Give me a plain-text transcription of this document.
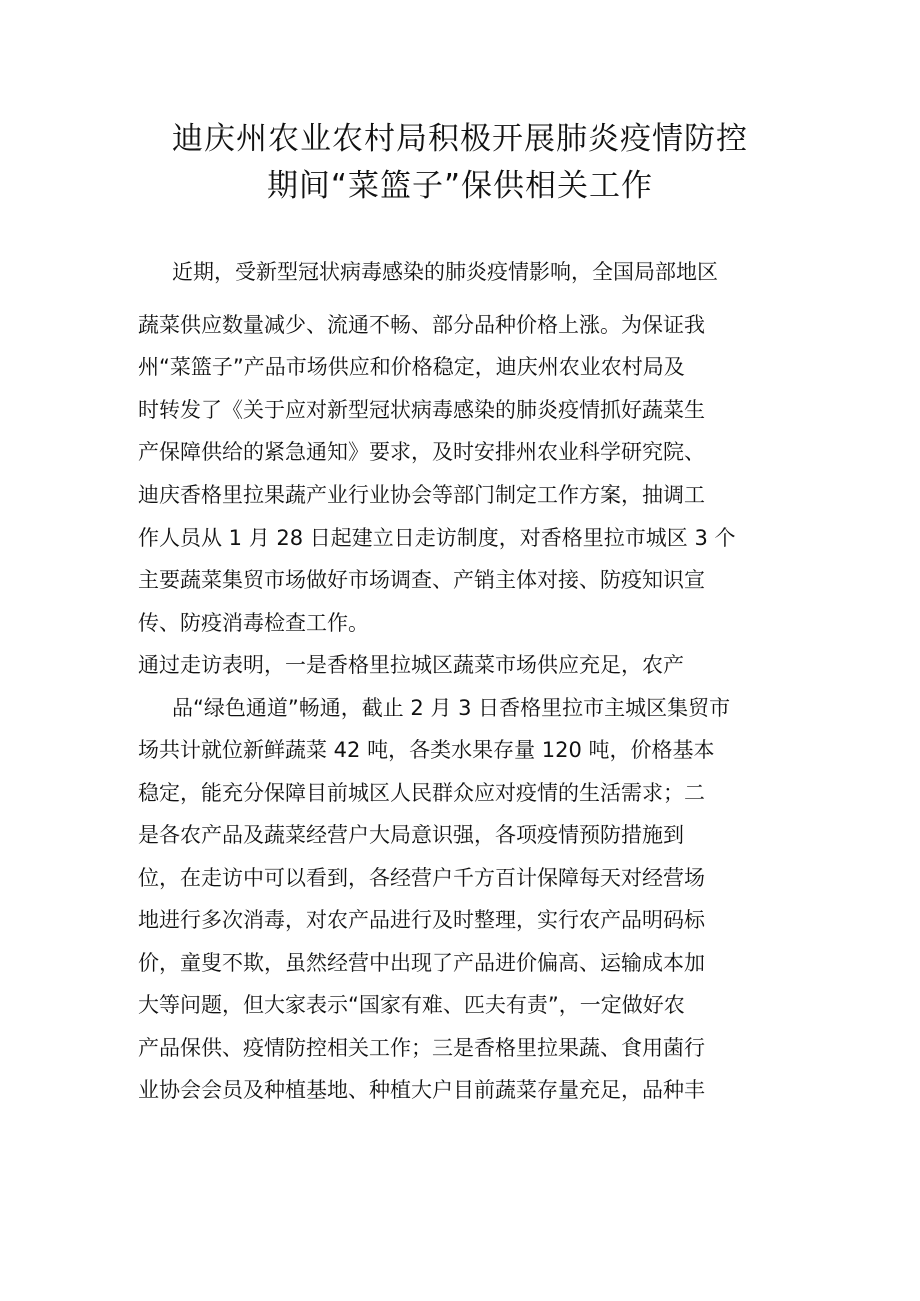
迪庆州农业农村局积极开展肺炎疫情防控
期间“菜篮子”保供相关工作
近期，受新型冠状病毒感染的肺炎疫情影响，全国局部地区
蔬菜供应数量减少、流通不畅、部分品种价格上涨。为保证我
州“菜篮子”产品市场供应和价格稳定，迪庆州农业农村局及
时转发了《关于应对新型冠状病毒感染的肺炎疫情抓好蔬菜生
产保障供给的紧急通知》要求，及时安排州农业科学研究院、
迪庆香格里拉果蔬产业行业协会等部门制定工作方案，抽调工
作人员从 1 月 28 日起建立日走访制度，对香格里拉市城区 3 个
主要蔬菜集贸市场做好市场调查、产销主体对接、防疫知识宣
传、防疫消毒检查工作。
通过走访表明，一是香格里拉城区蔬菜市场供应充足，农产
品“绿色通道”畅通，截止 2 月 3 日香格里拉市主城区集贸市
场共计就位新鲜蔬菜 42 吨，各类水果存量 120 吨，价格基本
稳定，能充分保障目前城区人民群众应对疫情的生活需求；二
是各农产品及蔬菜经营户大局意识强，各项疫情预防措施到
位，在走访中可以看到，各经营户千方百计保障每天对经营场
地进行多次消毒，对农产品进行及时整理，实行农产品明码标
价，童叟不欺，虽然经营中出现了产品进价偏高、运输成本加
大等问题，但大家表示“国家有难、匹夫有责”，一定做好农
产品保供、疫情防控相关工作；三是香格里拉果蔬、食用菌行
业协会会员及种植基地、种植大户目前蔬菜存量充足，品种丰
